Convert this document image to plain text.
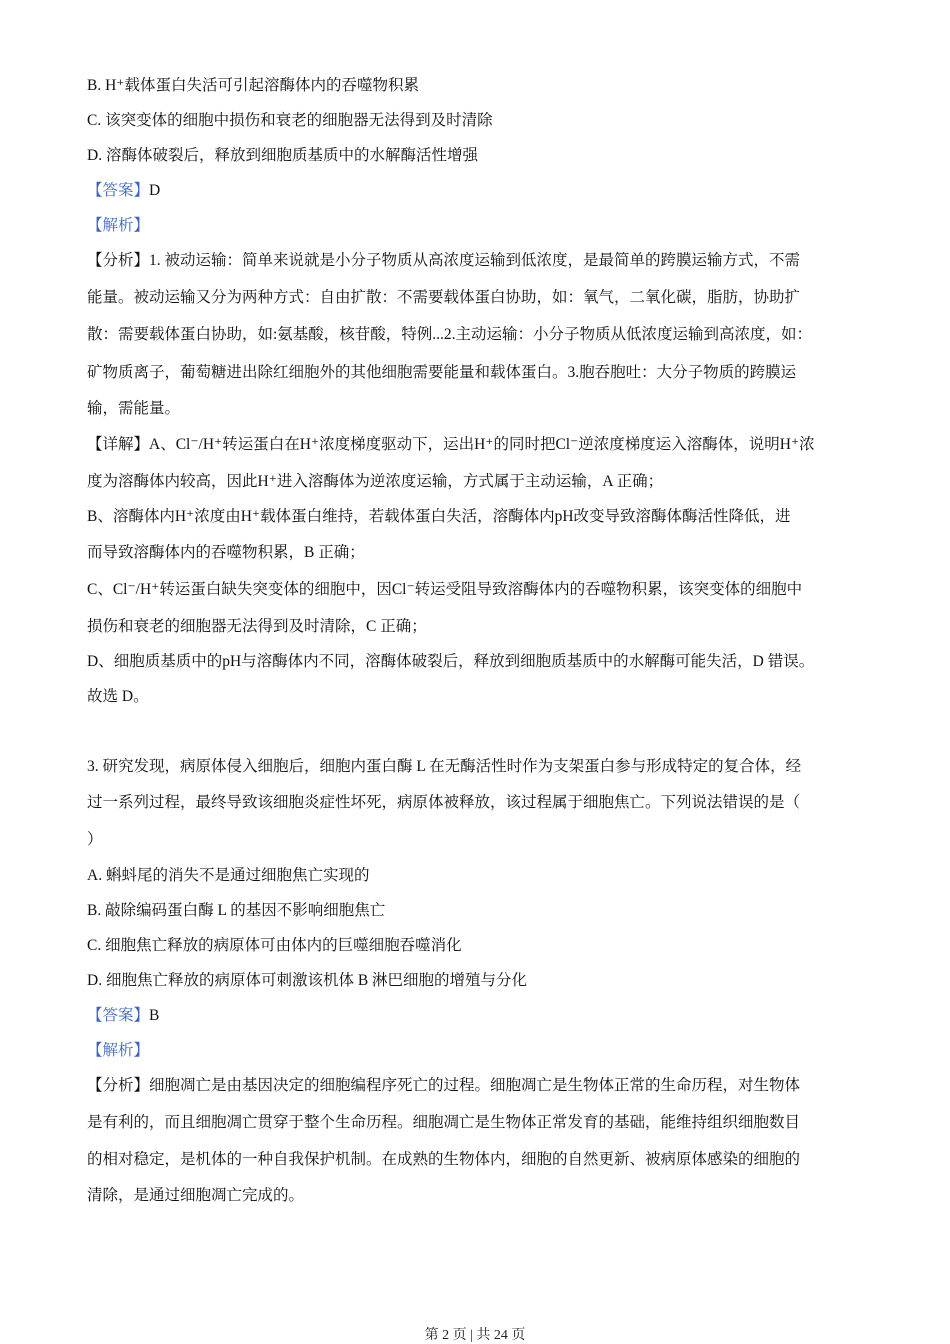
B. H⁺载体蛋白失活可引起溶酶体内的吞噬物积累
C. 该突变体的细胞中损伤和衰老的细胞器无法得到及时清除
D. 溶酶体破裂后，释放到细胞质基质中的水解酶活性增强
【答案】D
【解析】
【分析】1. 被动运输：简单来说就是小分子物质从高浓度运输到低浓度，是最简单的跨膜运输方式，不需
能量。被动运输又分为两种方式：自由扩散：不需要载体蛋白协助，如：氧气，二氧化碳，脂肪，协助扩
散：需要载体蛋白协助，如:氨基酸，核苷酸，特例...2.主动运输：小分子物质从低浓度运输到高浓度，如：
矿物质离子，葡萄糖进出除红细胞外的其他细胞需要能量和载体蛋白。3.胞吞胞吐：大分子物质的跨膜运
输，需能量。
【详解】A、Cl⁻/H⁺转运蛋白在H⁺浓度梯度驱动下，运出H⁺的同时把Cl⁻逆浓度梯度运入溶酶体，说明H⁺浓
度为溶酶体内较高，因此H⁺进入溶酶体为逆浓度运输，方式属于主动运输，A 正确；
B、溶酶体内H⁺浓度由H⁺载体蛋白维持，若载体蛋白失活，溶酶体内pH改变导致溶酶体酶活性降低，进
而导致溶酶体内的吞噬物积累，B 正确；
C、Cl⁻/H⁺转运蛋白缺失突变体的细胞中，因Cl⁻转运受阻导致溶酶体内的吞噬物积累，该突变体的细胞中
损伤和衰老的细胞器无法得到及时清除，C 正确；
D、细胞质基质中的pH与溶酶体内不同，溶酶体破裂后，释放到细胞质基质中的水解酶可能失活，D 错误。
故选 D。
3. 研究发现，病原体侵入细胞后，细胞内蛋白酶 L 在无酶活性时作为支架蛋白参与形成特定的复合体，经
过一系列过程，最终导致该细胞炎症性坏死，病原体被释放，该过程属于细胞焦亡。下列说法错误的是（
）
A. 蝌蚪尾的消失不是通过细胞焦亡实现的
B. 敲除编码蛋白酶 L 的基因不影响细胞焦亡
C. 细胞焦亡释放的病原体可由体内的巨噬细胞吞噬消化
D. 细胞焦亡释放的病原体可刺激该机体 B 淋巴细胞的增殖与分化
【答案】B
【解析】
【分析】细胞凋亡是由基因决定的细胞编程序死亡的过程。细胞凋亡是生物体正常的生命历程，对生物体
是有利的，而且细胞凋亡贯穿于整个生命历程。细胞凋亡是生物体正常发育的基础，能维持组织细胞数目
的相对稳定，是机体的一种自我保护机制。在成熟的生物体内，细胞的自然更新、被病原体感染的细胞的
清除，是通过细胞凋亡完成的。
第 2 页 | 共 24 页
